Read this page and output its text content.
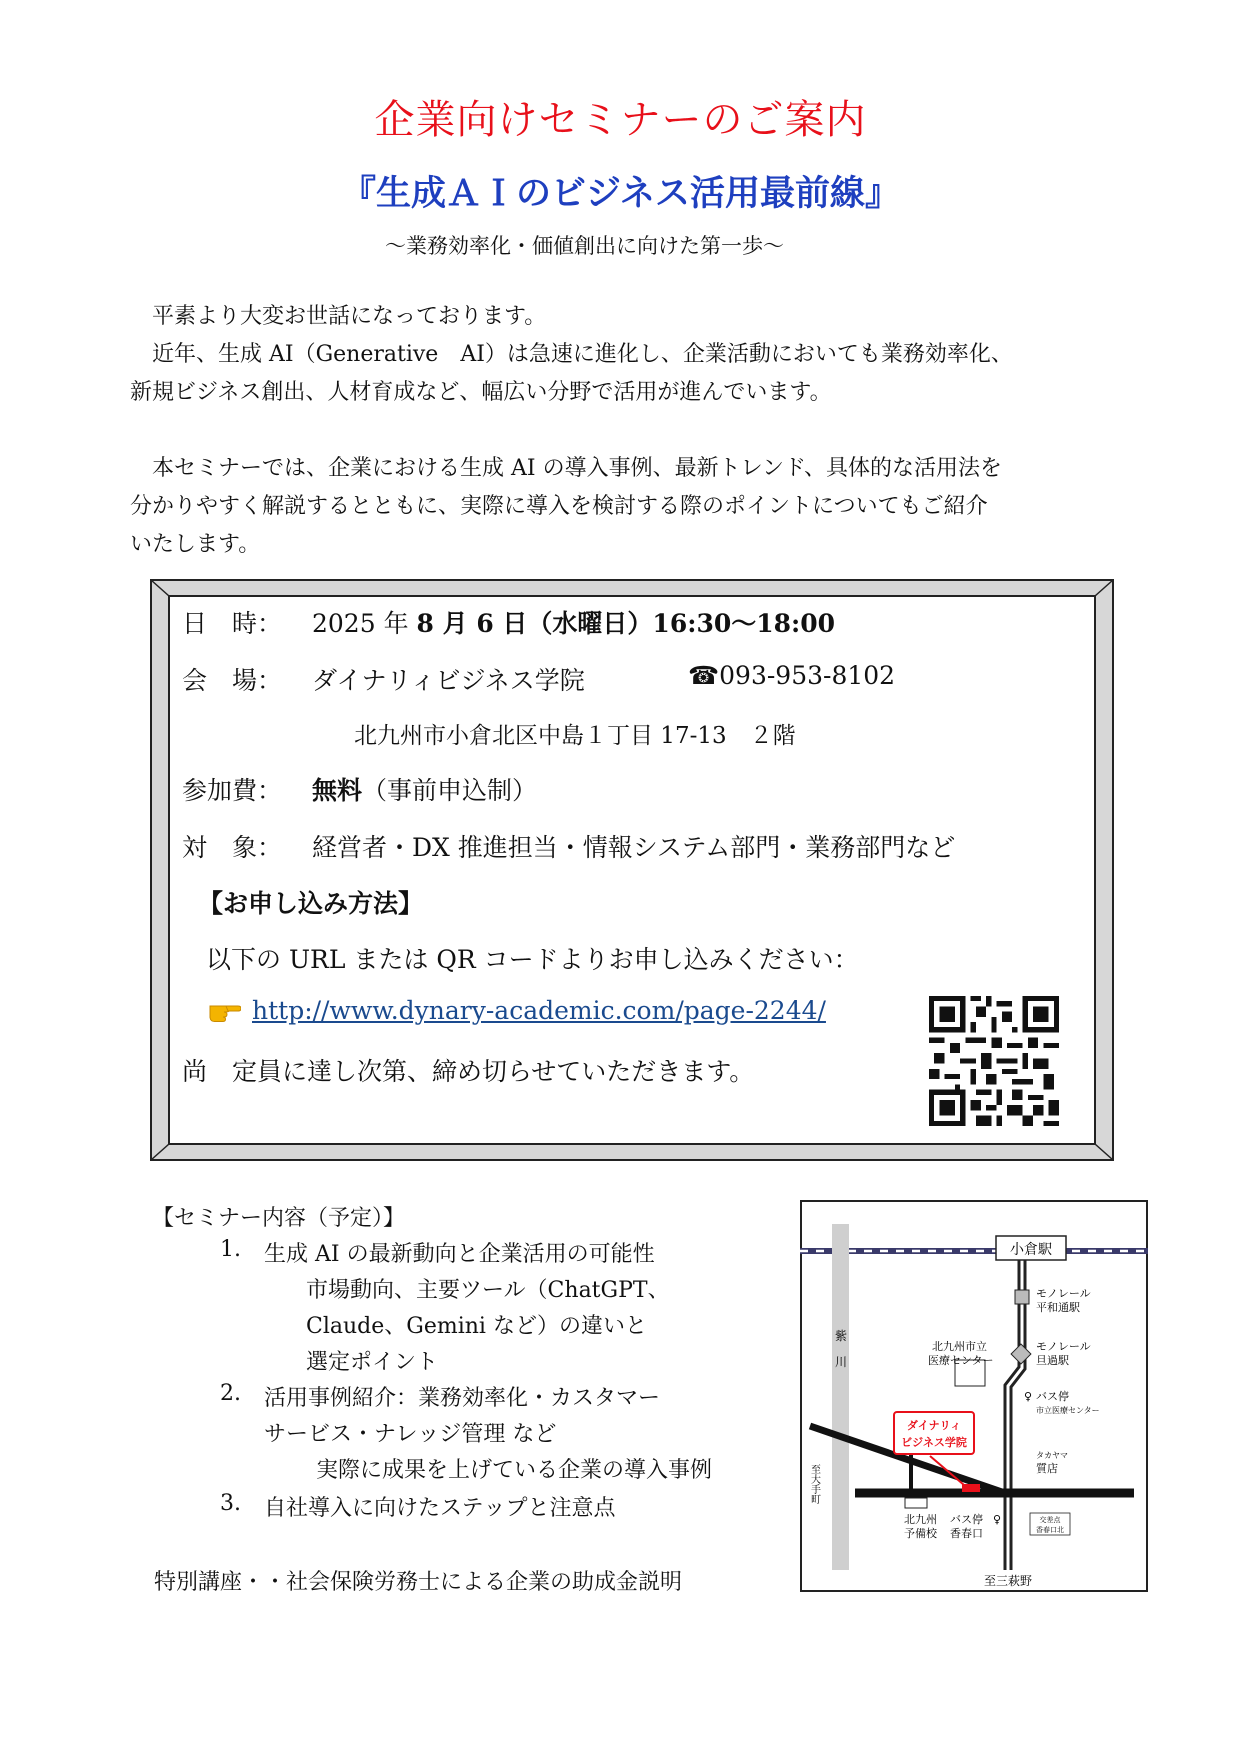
企業向けセミナーのご案内
『生成ＡＩのビジネス活用最前線』
～業務効率化・価値創出に向けた第一歩～

　平素より大変お世話になっております。

　近年、生成 AI（Generative　AI）は急速に進化し、企業活動においても業務効率化、

新規ビジネス創出、人材育成など、幅広い分野で活用が進んでいます。

　本セミナーでは、企業における生成 AI の導入事例、最新トレンド、具体的な活用法を

分かりやすく解説するとともに、実際に導入を検討する際のポイントについてもご紹介

いたします。

日　時： 2025 年 8 月 6 日（水曜日）16:30～18:00
会　場： ダイナリィビジネス学院	☎093-953-8102
北九州市小倉北区中島１丁目 17-13　２階
参加費： 無料（事前申込制）
対　象： 経営者・DX 推進担当・情報システム部門・業務部門など
【お申し込み方法】
以下の URL または QR コードよりお申し込みください：
http://www.dynary-academic.com/page-2244/
尚　定員に達し次第、締め切らせていただきます。
【セミナー内容（予定）】
1. 生成 AI の最新動向と企業活用の可能性
市場動向、主要ツール（ChatGPT、
Claude、Gemini など）の違いと
選定ポイント
2. 活用事例紹介：業務効率化・カスタマー
サービス・ナレッジ管理 など
実際に成果を上げている企業の導入事例
3. 自社導入に向けたステップと注意点
特別講座・・社会保険労務士による企業の助成金説明
小倉駅
モノレール
平和通駅
モノレール
旦過駅
北九州市立
医療センター
♀ バス停
市立医療センター
紫
川
ダイナリィ
ビジネス学院
タカヤマ
質店
至大手町
北九州
予備校
バス停
香春口
♀	交差点
香春口北
至三萩野
